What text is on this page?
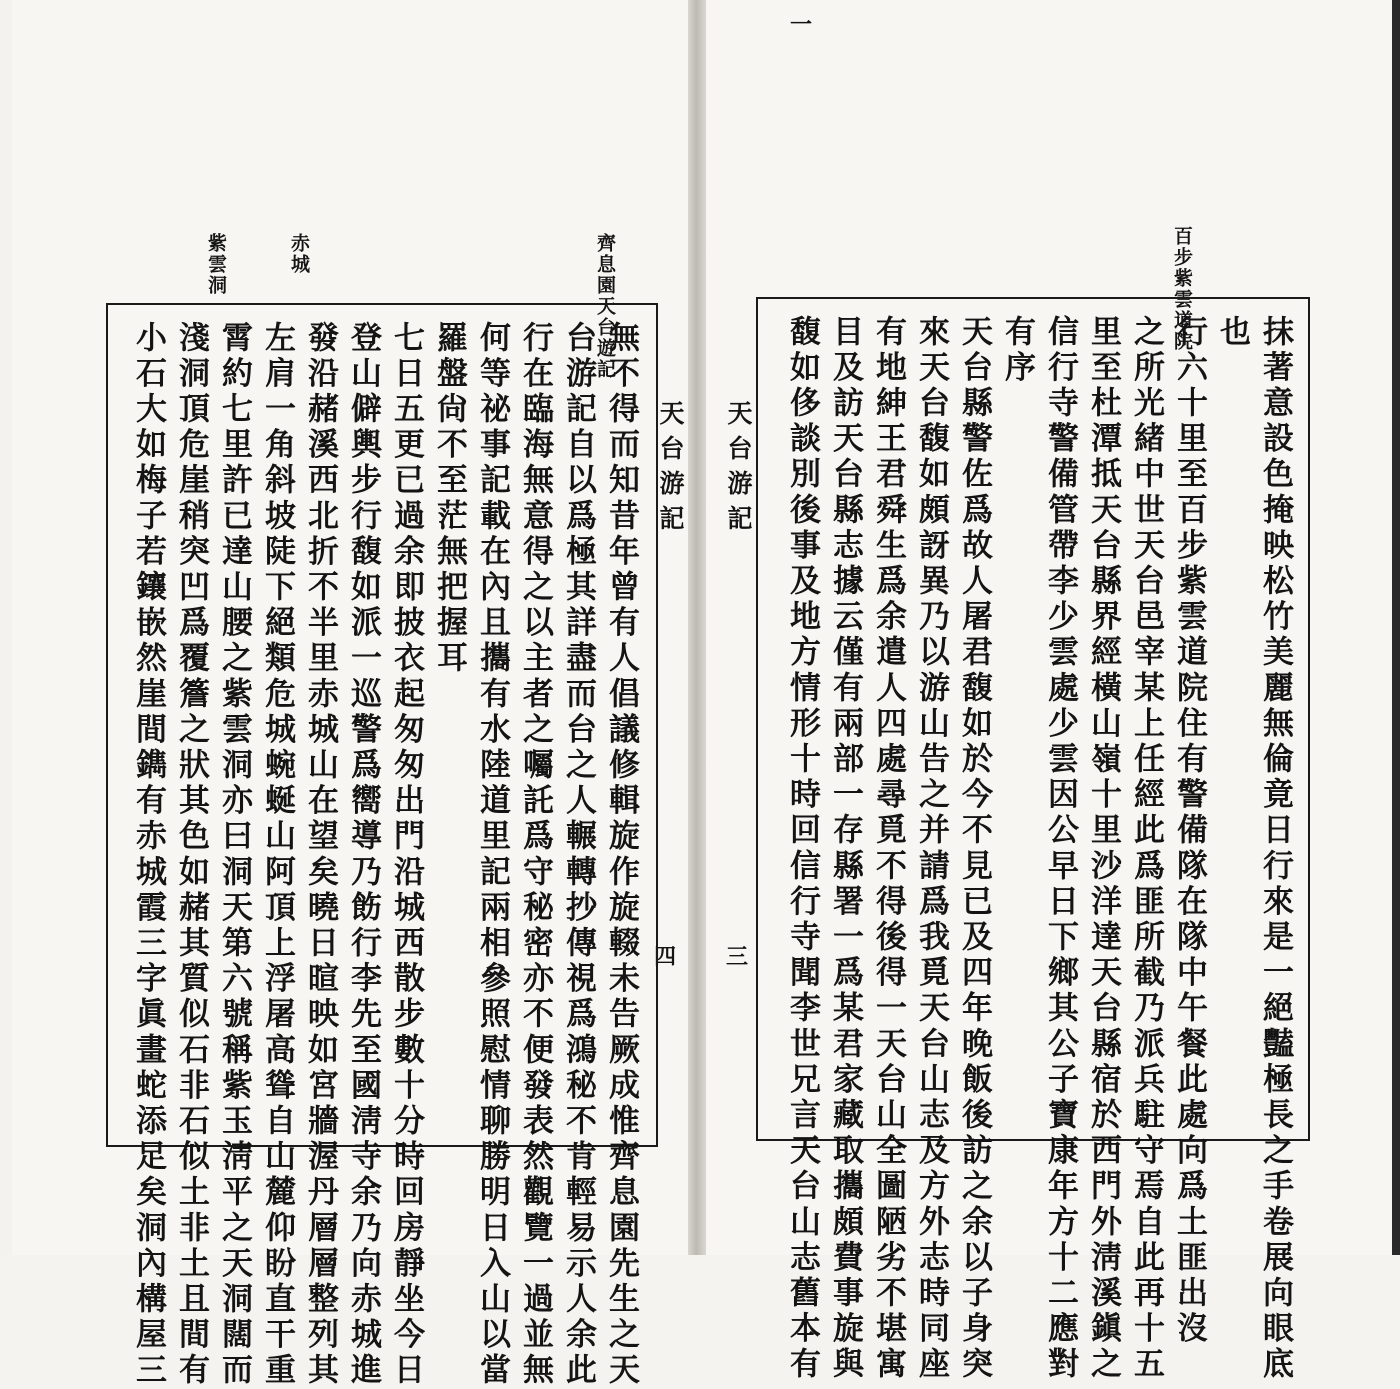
齊息園天台遊記
赤城
紫雲洞
天台游記
四
無不得而知昔年曾有人倡議修輯旋作旋輟未告厥成惟齊息園先生之天
台游記自以爲極其詳盡而台之人輾轉抄傳視爲鴻秘不肯輕易示人余此
行在臨海無意得之以主者之囑託爲守秘密亦不便發表然觀覽一過並無
何等祕事記載在內且攜有水陸道里記兩相參照慰情聊勝明日入山以當
羅盤尙不至茫無把握耳
七日五更已過余即披衣起匆匆出門沿城西散步數十分時回房靜坐今日
登山僻輿步行馥如派一巡警爲嚮導乃飭行李先至國淸寺余乃向赤城進
發沿赭溪西北折不半里赤城山在望矣曉日暄映如宮牆渥丹層層整列其
左肩一角斜坡陡下絕類危城蜿蜒山阿頂上浮屠高聳自山麓仰盼直干重
霄約七里許已達山腰之紫雲洞亦曰洞天第六號稱紫玉淸平之天洞闊而
淺洞頂危崖稍突凹爲覆簷之狀其色如赭其質似石非石似土非土且間有
小石大如梅子若鑲嵌然崖間鐫有赤城霞三字眞畫蛇添足矣洞內構屋三
一
百步紫雲道院
天台游記
三	抹著意設色掩映松竹美麗無倫竟日行來是一絕豔極長之手卷展向眼底
也
行六十里至百步紫雲道院住有警備隊在隊中午餐此處向爲土匪出沒
之所光緒中世天台邑宰某上任經此爲匪所截乃派兵駐守焉自此再十五
里至杜潭抵天台縣界經橫山嶺十里沙洋達天台縣宿於西門外淸溪鎭之
信行寺警備管帶李少雲處少雲因公早日下鄉其公子寶康年方十二應對
有序
天台縣警佐爲故人屠君馥如於今不見已及四年晚飯後訪之余以子身突
來天台馥如頗訝異乃以游山告之并請爲我覓天台山志及方外志時同座
有地紳王君舜生爲余遣人四處尋覓不得後得一天台山全圖陋劣不堪寓
目及訪天台縣志據云僅有兩部一存縣署一爲某君家藏取攜頗費事旋與
馥如侈談別後事及地方情形十時回信行寺聞李世兄言天台山志舊本有
